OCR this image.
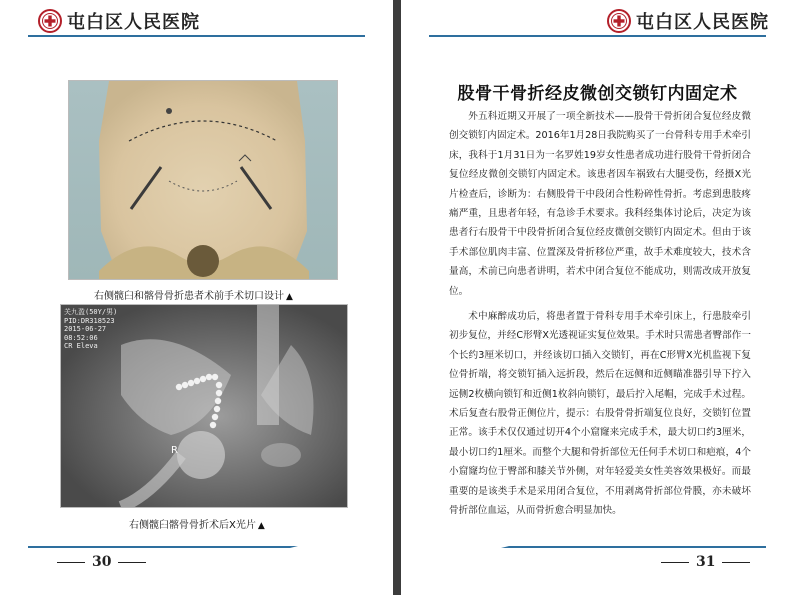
屯白区人民医院
右侧髋臼和髂骨骨折患者术前手术切口设计 ▲
关九盈(50Y/男)
PID:DR318523
2015-06-27
08:52:06
CR Eleva
R
右侧髋臼髂骨骨折术后X光片 ▲
30
屯白区人民医院
股骨干骨折经皮微创交锁钉内固定术

外五科近期又开展了一项全新技术——股骨干骨折闭合复位经皮微创交锁钉内固定术。2016年1月28日我院购买了一台骨科专用手术牵引床，我科于1月31日为一名罗姓19岁女性患者成功进行股骨干骨折闭合复位经皮微创交锁钉内固定术。该患者因车祸致右大腿受伤，经摄X光片检查后，诊断为：右侧股骨干中段闭合性粉碎性骨折。考虑到患肢疼痛严重，且患者年轻，有急诊手术要求。我科经集体讨论后，决定为该患者行右股骨干中段骨折闭合复位经皮微创交锁钉内固定术。但由于该手术部位肌肉丰富、位置深及骨折移位严重，故手术难度较大，技术含量高，术前已向患者讲明，若术中闭合复位不能成功，则需改成开放复位。

术中麻醉成功后，将患者置于骨科专用手术牵引床上，行患肢牵引初步复位，并经C形臂X光透视证实复位效果。手术时只需患者臀部作一个长约3厘米切口，并经该切口插入交锁钉，再在C形臂X光机监视下复位骨折端，将交锁钉插入远折段，然后在远侧和近侧瞄准器引导下拧入远侧2枚横向锁钉和近侧1枚斜向锁钉，最后拧入尾帽，完成手术过程。术后复查右股骨正侧位片，提示：右股骨骨折端复位良好，交锁钉位置正常。该手术仅仅通过切开4个小窟窿来完成手术，最大切口约3厘米，最小切口约1厘米。而整个大腿和骨折部位无任何手术切口和疤痕，4个小窟窿均位于臀部和膝关节外侧，对年轻爱美女性美容效果极好。而最重要的是该类手术是采用闭合复位，不用剥离骨折部位骨膜，亦未破坏骨折部位血运，从而骨折愈合明显加快。

31
